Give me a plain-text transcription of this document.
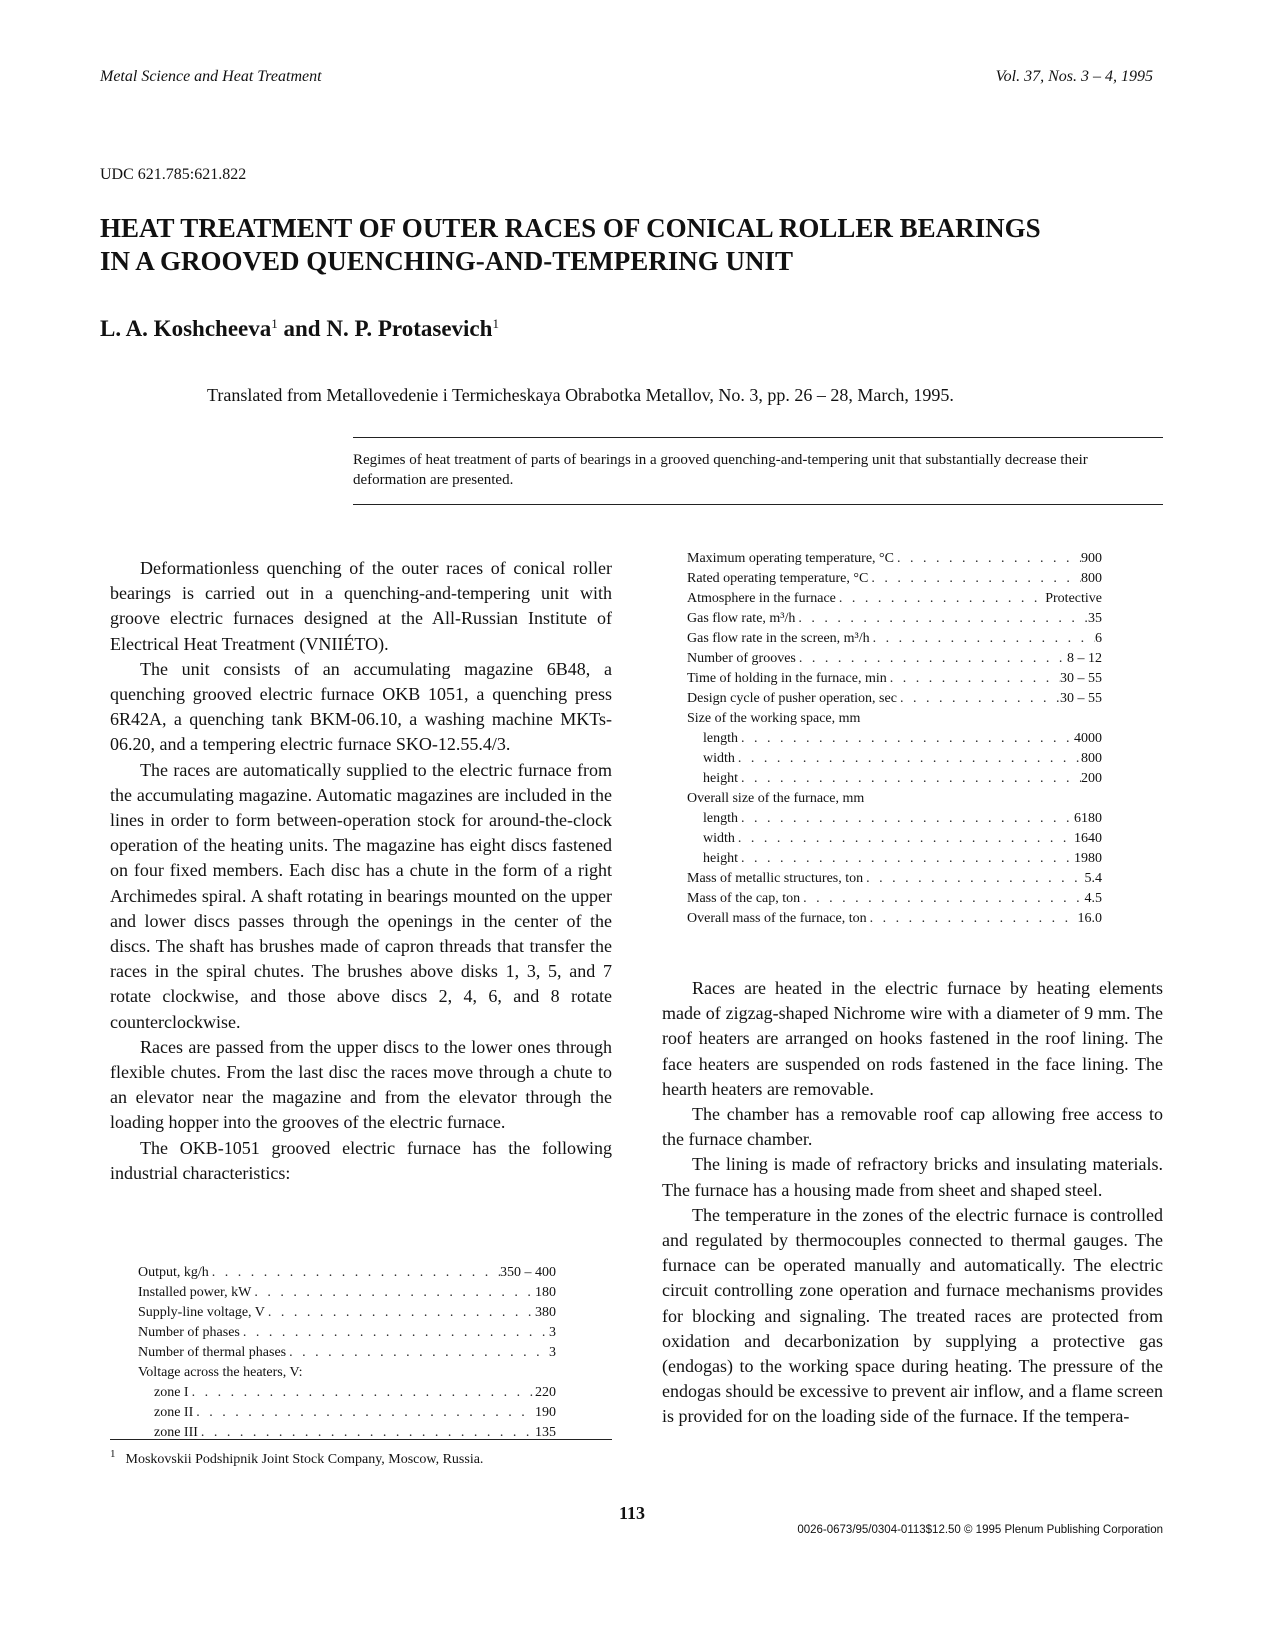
Metal Science and Heat Treatment	Vol. 37, Nos. 3 – 4, 1995
UDC 621.785:621.822
HEAT TREATMENT OF OUTER RACES OF CONICAL ROLLER BEARINGS
IN A GROOVED QUENCHING-AND-TEMPERING UNIT
L. A. Koshcheeva$^1$ and N. P. Protasevich$^1$
Translated from Metallovedenie i Termicheskaya Obrabotka Metallov, No. 3, pp. 26 – 28, March, 1995.
Regimes of heat treatment of parts of bearings in a grooved quenching-and-tempering unit that substantially decrease their deformation are presented.

Deformationless quenching of the outer races of conical roller bearings is carried out in a quenching-and-tempering unit with groove electric furnaces designed at the All-Russian Institute of Electrical Heat Treatment (VNIIÉTO).

The unit consists of an accumulating magazine 6B48, a quenching grooved electric furnace OKB 1051, a quenching press 6R42A, a quenching tank BKM-06.10, a washing machine MKTs-06.20, and a tempering electric furnace SKO-12.55.4/3.

The races are automatically supplied to the electric furnace from the accumulating magazine. Automatic magazines are included in the lines in order to form between-operation stock for around-the-clock operation of the heating units. The magazine has eight discs fastened on four fixed members. Each disc has a chute in the form of a right Archimedes spiral. A shaft rotating in bearings mounted on the upper and lower discs passes through the openings in the center of the discs. The shaft has brushes made of capron threads that transfer the races in the spiral chutes. The brushes above disks 1, 3, 5, and 7 rotate clockwise, and those above discs 2, 4, 6, and 8 rotate counterclockwise.

Races are passed from the upper discs to the lower ones through flexible chutes. From the last disc the races move through a chute to an elevator near the magazine and from the elevator through the loading hopper into the grooves of the electric furnace.

The OKB-1051 grooved electric furnace has the following industrial characteristics:

Output, kg/h . . .	350 – 400
Installed power, kW . . .	180
Supply-line voltage, V . . .	380
Number of phases . . .	3
Number of thermal phases . . .	3
Voltage across the heaters, V:
zone I . . .	220
zone II . . .	190
zone III . . .	135
Maximum operating temperature, °C . . .	900
Rated operating temperature, °C . . .	800
Atmosphere in the furnace . . .	Protective
Gas flow rate, m³/h . . .	35
Gas flow rate in the screen, m³/h . . .	6
Number of grooves . . .	8 – 12
Time of holding in the furnace, min . . .	30 – 55
Design cycle of pusher operation, sec . . .	30 – 55
Size of the working space, mm
length . . .	4000
width . . .	800
height . . .	200
Overall size of the furnace, mm
length . . .	6180
width . . .	1640
height . . .	1980
Mass of metallic structures, ton . . .	5.4
Mass of the cap, ton . . .	4.5
Overall mass of the furnace, ton . . .	16.0

Races are heated in the electric furnace by heating elements made of zigzag-shaped Nichrome wire with a diameter of 9 mm. The roof heaters are arranged on hooks fastened in the roof lining. The face heaters are suspended on rods fastened in the face lining. The hearth heaters are removable.

The chamber has a removable roof cap allowing free access to the furnace chamber.

The lining is made of refractory bricks and insulating materials. The furnace has a housing made from sheet and shaped steel.

The temperature in the zones of the electric furnace is controlled and regulated by thermocouples connected to thermal gauges. The furnace can be operated manually and automatically. The electric circuit controlling zone operation and furnace mechanisms provides for blocking and signaling. The treated races are protected from oxidation and decarbonization by supplying a protective gas (endogas) to the working space during heating. The pressure of the endogas should be excessive to prevent air inflow, and a flame screen is provided for on the loading side of the furnace. If the tempera-

$^1$ Moskovskii Podshipnik Joint Stock Company, Moscow, Russia.
113
0026-0673/95/0304-0113$12.50 © 1995 Plenum Publishing Corporation
